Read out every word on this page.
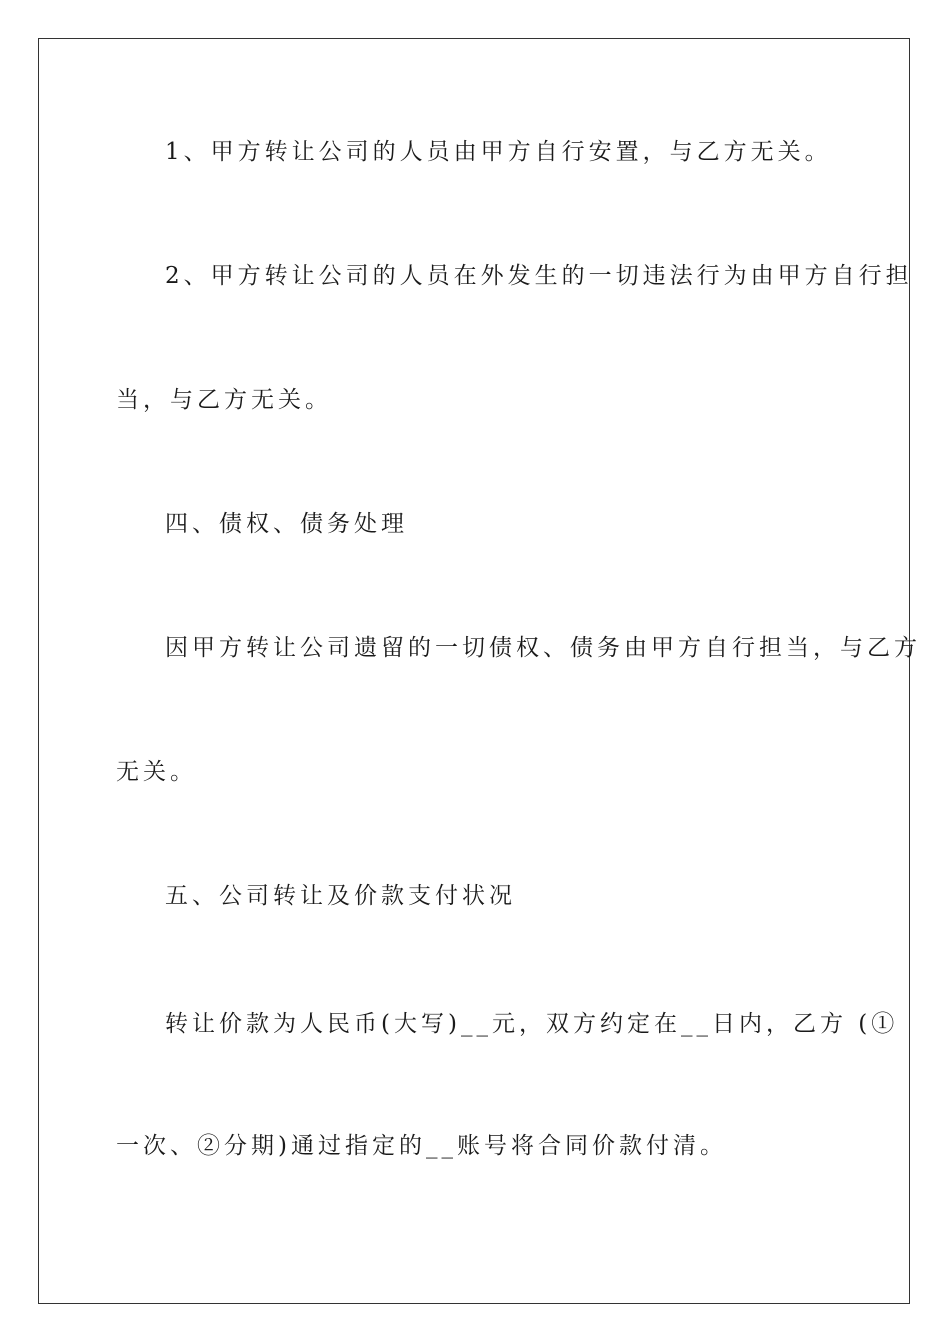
1、甲方转让公司的人员由甲方自行安置，与乙方无关。
2、甲方转让公司的人员在外发生的一切违法行为由甲方自行担
当，与乙方无关。
四、债权、债务处理
因甲方转让公司遗留的一切债权、债务由甲方自行担当，与乙方
无关。
五、公司转让及价款支付状况
转让价款为人民币(大写)__元，双方约定在__日内，乙方 (①
一次、②分期)通过指定的__账号将合同价款付清。
